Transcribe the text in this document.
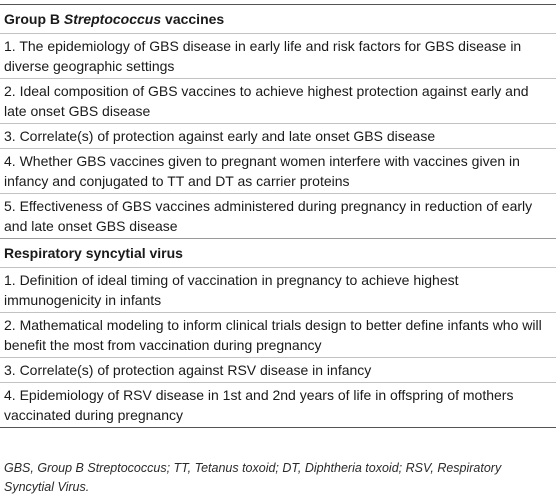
Group B Streptococcus vaccines
1. The epidemiology of GBS disease in early life and risk factors for GBS disease in diverse geographic settings
2. Ideal composition of GBS vaccines to achieve highest protection against early and late onset GBS disease
3. Correlate(s) of protection against early and late onset GBS disease
4. Whether GBS vaccines given to pregnant women interfere with vaccines given in infancy and conjugated to TT and DT as carrier proteins
5. Effectiveness of GBS vaccines administered during pregnancy in reduction of early and late onset GBS disease
Respiratory syncytial virus
1. Definition of ideal timing of vaccination in pregnancy to achieve highest immunogenicity in infants
2. Mathematical modeling to inform clinical trials design to better define infants who will benefit the most from vaccination during pregnancy
3. Correlate(s) of protection against RSV disease in infancy
4. Epidemiology of RSV disease in 1st and 2nd years of life in offspring of mothers vaccinated during pregnancy
GBS, Group B Streptococcus; TT, Tetanus toxoid; DT, Diphtheria toxoid; RSV, Respiratory Syncytial Virus.
